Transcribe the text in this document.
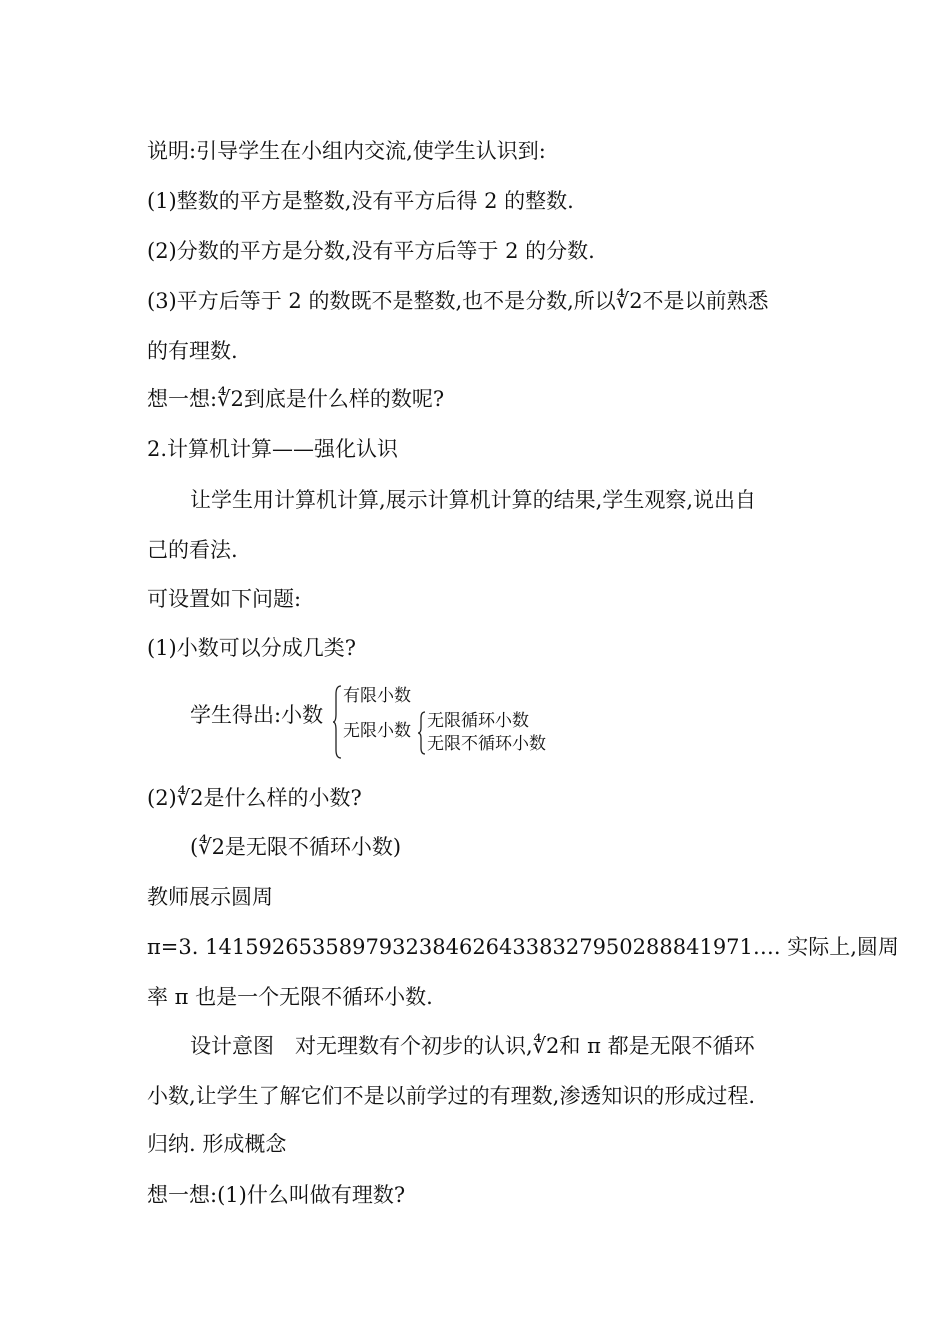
说明:引导学生在小组内交流,使学生认识到:
(1)整数的平方是整数,没有平方后得 2 的整数.
(2)分数的平方是分数,没有平方后等于 2 的分数.
(3)平方后等于 2 的数既不是整数,也不是分数,所以∜2不是以前熟悉
的有理数.
想一想:∜2到底是什么样的数呢?
2.计算机计算——强化认识
让学生用计算机计算,展示计算机计算的结果,学生观察,说出自
己的看法.
可设置如下问题:
(1)小数可以分成几类?
学生得出:小数
有限小数
无限小数 无限循环小数
无限不循环小数
(2)∜2是什么样的小数?
(∜2是无限不循环小数)
教师展示圆周
π=3. 14159265358979323846264338327950288841971…. 实际上,圆周
率 π 也是一个无限不循环小数.
设计意图　对无理数有个初步的认识,∜2和 π 都是无限不循环
小数,让学生了解它们不是以前学过的有理数,渗透知识的形成过程.
归纳. 形成概念
想一想:(1)什么叫做有理数?
